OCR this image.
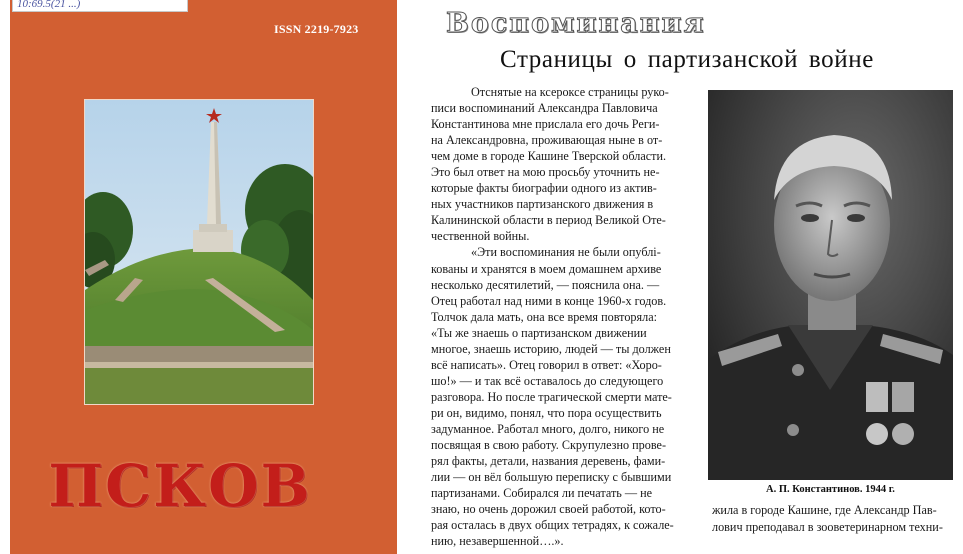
10:69.5(21 ...)
ISSN 2219-7923
ПСКОВ
Воспоминания
Страницы о партизанской войне
Отснятые на ксероксе страницы руко-
писи воспоминаний Александра Павловича
Константинова мне прислала его дочь Реги-
на Александровна, проживающая ныне в от-
чем доме в городе Кашине Тверской области.
Это был ответ на мою просьбу уточнить не-
которые факты биографии одного из актив-
ных участников партизанского движения в
Калининской области в период Великой Оте-
чественной войны.
«Эти воспоминания не были опублі-
кованы и хранятся в моем домашнем архиве
несколько десятилетий, — пояснила она. —
Отец работал над ними в конце 1960-х годов.
Толчок дала мать, она все время повторяла:
«Ты же знаешь о партизанском движении
многое, знаешь историю, людей — ты должен
всё написать». Отец говорил в ответ: «Хоро-
шо!» — и так всё оставалось до следующего
разговора. Но после трагической смерти мате-
ри он, видимо, понял, что пора осуществить
задуманное. Работал много, долго, никого не
посвящая в свою работу. Скрупулезно прове-
рял факты, детали, названия деревень, фами-
лии — он вёл большую переписку с бывшими
партизанами. Собирался ли печатать — не
знаю, но очень дорожил своей работой, кото-
рая осталась в двух общих тетрадях, к сожале-
нию, незавершенной….».
А. П. Константинов. 1944 г.
жила в городе Кашине, где Александр Пав-
лович преподавал в зооветеринарном техни-
